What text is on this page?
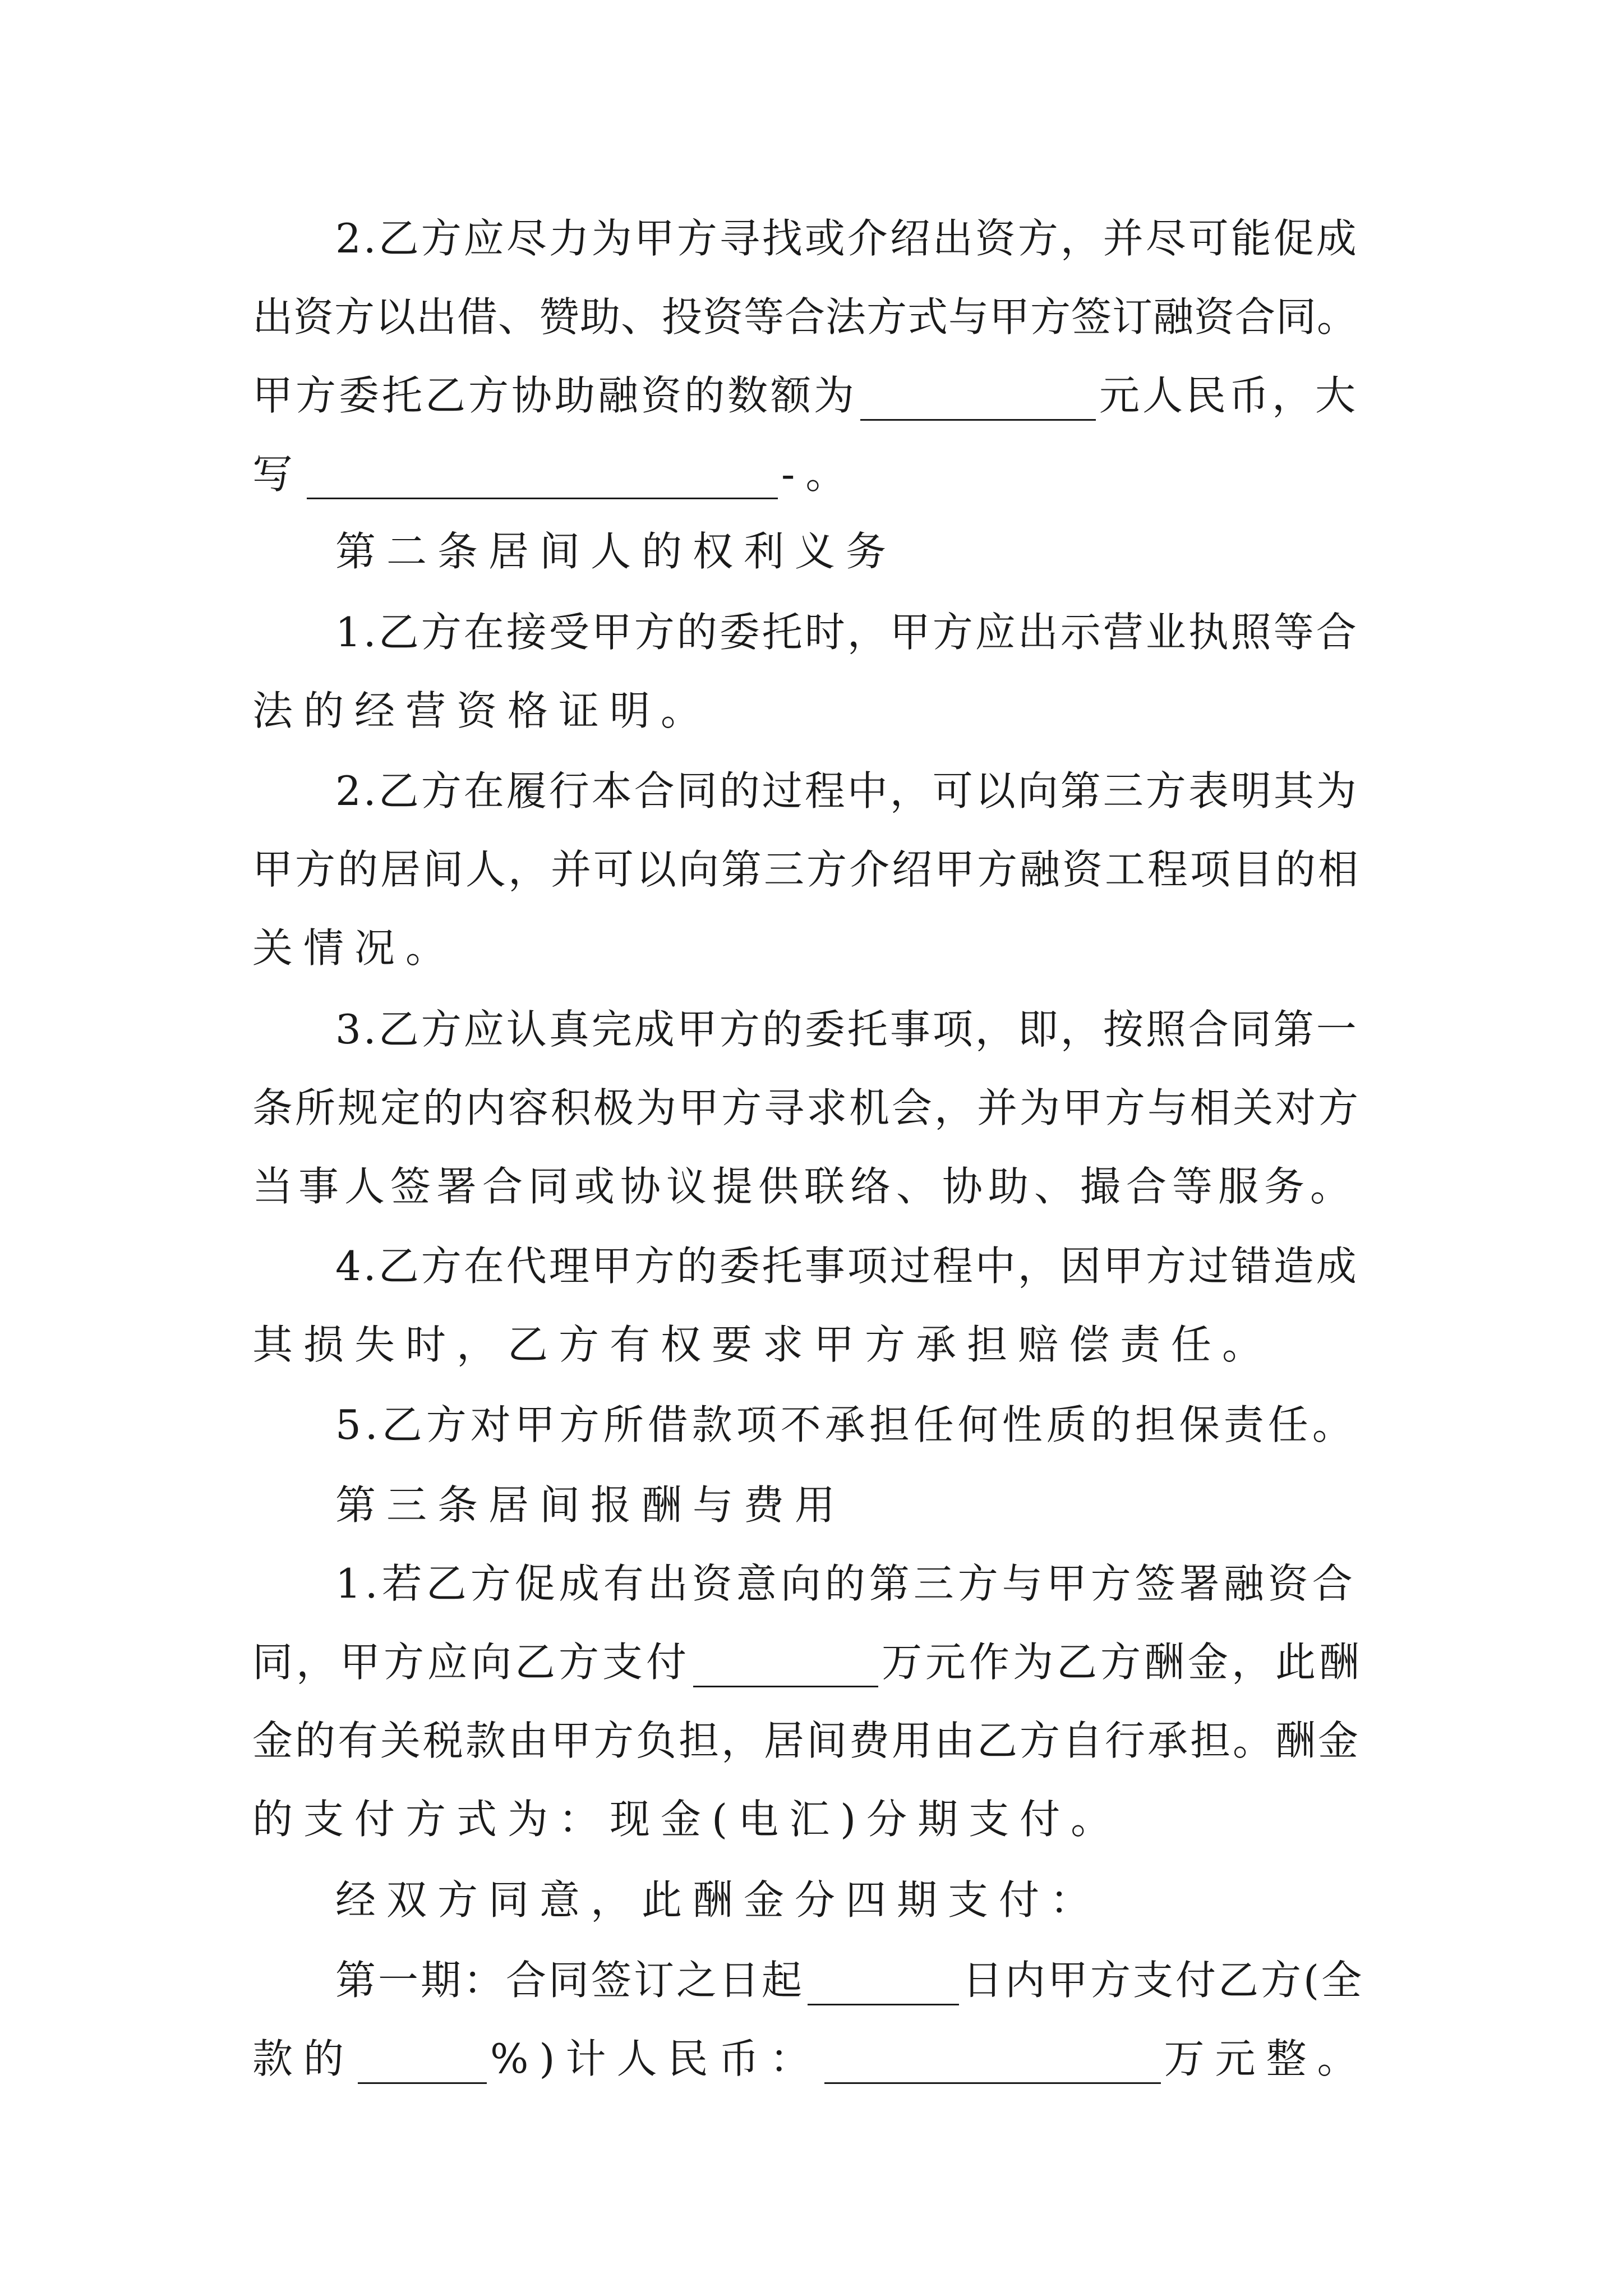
2.乙方应尽力为甲方寻找或介绍出资方，并尽可能促成
出资方以出借、赞助、投资等合法方式与甲方签订融资合同。
甲方委托乙方协助融资的数额为	元人民币，大
写	-。
第二条居间人的权利义务
1.乙方在接受甲方的委托时，甲方应出示营业执照等合
法的经营资格证明。
2.乙方在履行本合同的过程中，可以向第三方表明其为
甲方的居间人，并可以向第三方介绍甲方融资工程项目的相
关情况。
3.乙方应认真完成甲方的委托事项，即，按照合同第一
条所规定的内容积极为甲方寻求机会，并为甲方与相关对方
当事人签署合同或协议提供联络、协助、撮合等服务。
4.乙方在代理甲方的委托事项过程中，因甲方过错造成
其损失时，乙方有权要求甲方承担赔偿责任。
5.乙方对甲方所借款项不承担任何性质的担保责任。
第三条居间报酬与费用
1.若乙方促成有出资意向的第三方与甲方签署融资合
同，甲方应向乙方支付	万元作为乙方酬金，此酬
金的有关税款由甲方负担，居间费用由乙方自行承担。酬金
的支付方式为：现金(电汇)分期支付。
经双方同意，此酬金分四期支付：
第一期：合同签订之日起	日内甲方支付乙方(全
款的	%)计人民币：	万元整。
